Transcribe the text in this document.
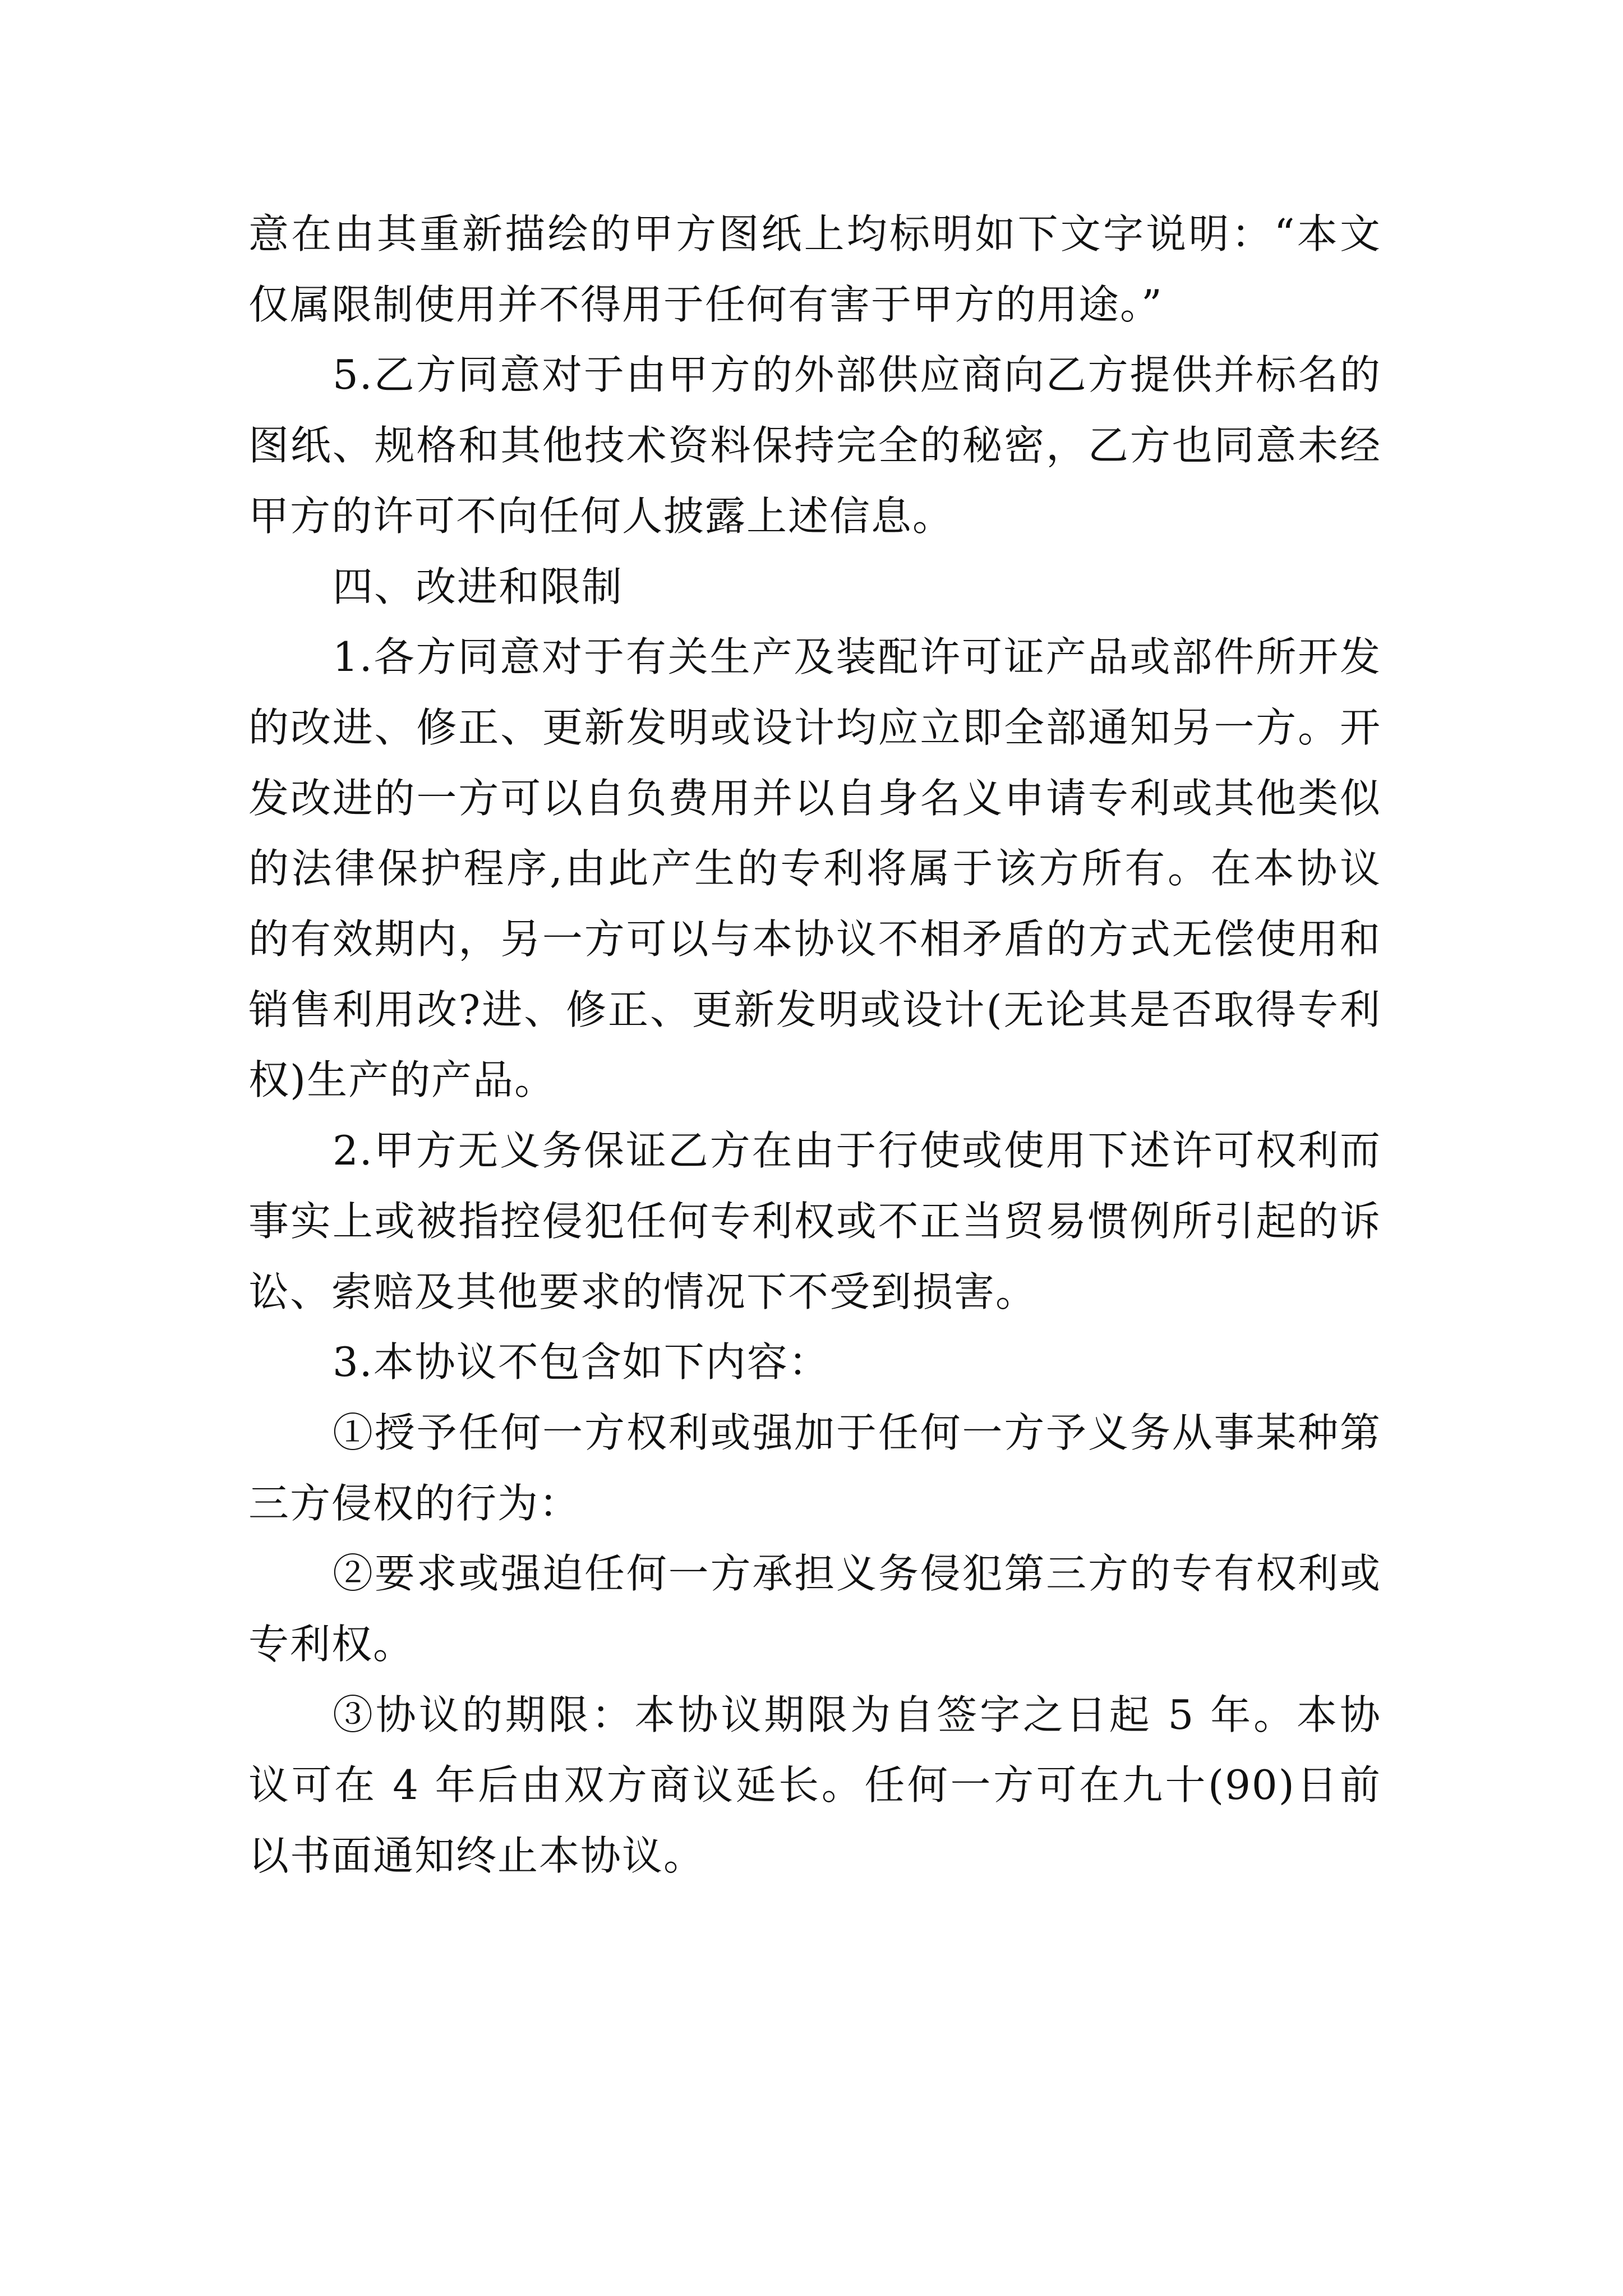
意在由其重新描绘的甲方图纸上均标明如下文字说明：“本文仅属限制使用并不得用于任何有害于甲方的用途。”

5.乙方同意对于由甲方的外部供应商向乙方提供并标名的图纸、规格和其他技术资料保持完全的秘密，乙方也同意未经甲方的许可不向任何人披露上述信息。

四、改进和限制

1.各方同意对于有关生产及装配许可证产品或部件所开发的改进、修正、更新发明或设计均应立即全部通知另一方。开发改进的一方可以自负费用并以自身名义申请专利或其他类似的法律保护程序,由此产生的专利将属于该方所有。在本协议的有效期内，另一方可以与本协议不相矛盾的方式无偿使用和销售利用改?进、修正、更新发明或设计(无论其是否取得专利权)生产的产品。

2.甲方无义务保证乙方在由于行使或使用下述许可权利而事实上或被指控侵犯任何专利权或不正当贸易惯例所引起的诉讼、索赔及其他要求的情况下不受到损害。

3.本协议不包含如下内容：

①授予任何一方权利或强加于任何一方予义务从事某种第三方侵权的行为：

②要求或强迫任何一方承担义务侵犯第三方的专有权利或专利权。

③协议的期限：本协议期限为自签字之日起 5 年。本协议可在 4 年后由双方商议延长。任何一方可在九十(90)日前以书面通知终止本协议。
